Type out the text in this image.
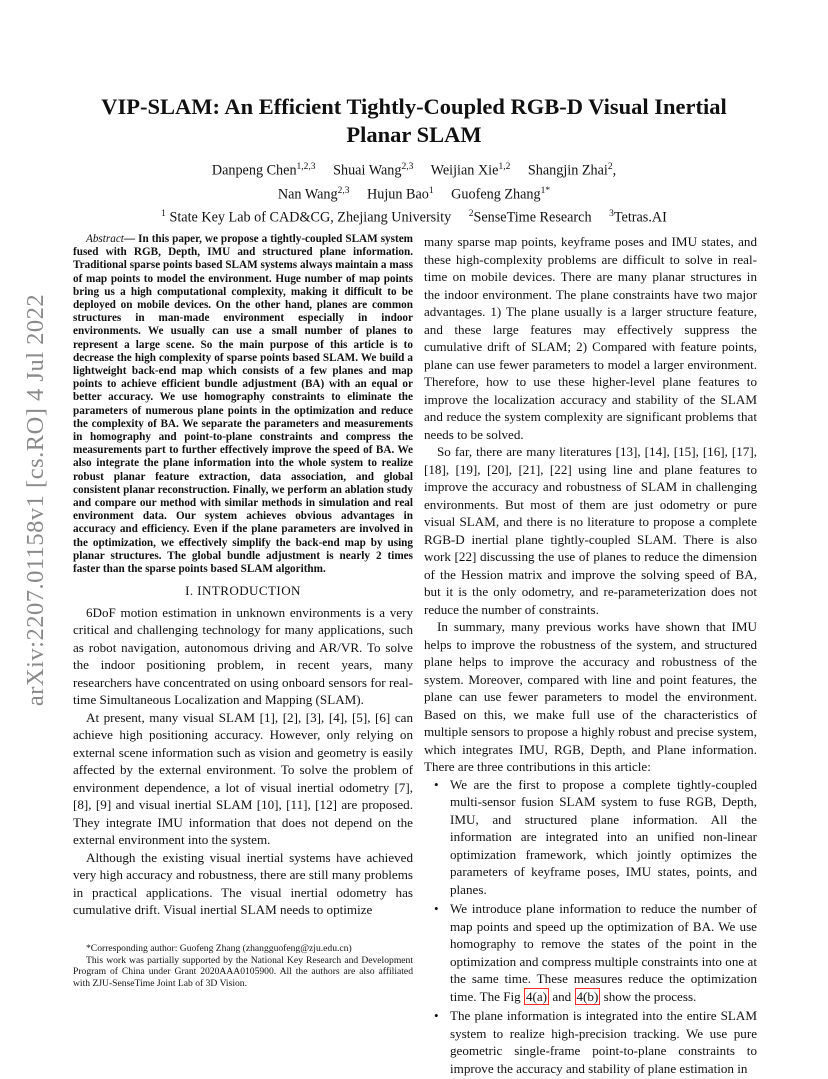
arXiv:2207.01158v1 [cs.RO] 4 Jul 2022
VIP-SLAM: An Efficient Tightly-Coupled RGB-D Visual Inertial
Planar SLAM
Danpeng Chen$^{1,2,3}$ Shuai Wang$^{2,3}$ Weijian Xie$^{1,2}$ Shangjin Zhai$^2$,
Nan Wang$^{2,3}$ Hujun Bao$^1$ Guofeng Zhang$^{1*}$
$^1$ State Key Lab of CAD&CG, Zhejiang University $^2$SenseTime Research $^3$Tetras.AI

Abstract— In this paper, we propose a tightly-coupled SLAM system fused with RGB, Depth, IMU and structured plane information. Traditional sparse points based SLAM systems always maintain a mass of map points to model the environment. Huge number of map points bring us a high computational complexity, making it difficult to be deployed on mobile devices. On the other hand, planes are common structures in man-made environment especially in indoor environments. We usually can use a small number of planes to represent a large scene. So the main purpose of this article is to decrease the high complexity of sparse points based SLAM. We build a lightweight back-end map which consists of a few planes and map points to achieve efficient bundle adjustment (BA) with an equal or better accuracy. We use homography constraints to eliminate the parameters of numerous plane points in the optimization and reduce the complexity of BA. We separate the parameters and measurements in homography and point-to-plane constraints and compress the measurements part to further effectively improve the speed of BA. We also integrate the plane information into the whole system to realize robust planar feature extraction, data association, and global consistent planar reconstruction. Finally, we perform an ablation study and compare our method with similar methods in simulation and real environment data. Our system achieves obvious advantages in accuracy and efficiency. Even if the plane parameters are involved in the optimization, we effectively simplify the back-end map by using planar structures. The global bundle adjustment is nearly 2 times faster than the sparse points based SLAM algorithm.

I. INTRODUCTION

6DoF motion estimation in unknown environments is a very critical and challenging technology for many applications, such as robot navigation, autonomous driving and AR/VR. To solve the indoor positioning problem, in recent years, many researchers have concentrated on using onboard sensors for real-time Simultaneous Localization and Mapping (SLAM).

At present, many visual SLAM [1], [2], [3], [4], [5], [6] can achieve high positioning accuracy. However, only relying on external scene information such as vision and geometry is easily affected by the external environment. To solve the problem of environment dependence, a lot of visual inertial odometry [7], [8], [9] and visual inertial SLAM [10], [11], [12] are proposed. They integrate IMU information that does not depend on the external environment into the system.

Although the existing visual inertial systems have achieved very high accuracy and robustness, there are still many problems in practical applications. The visual inertial odometry has cumulative drift. Visual inertial SLAM needs to optimize

many sparse map points, keyframe poses and IMU states, and these high-complexity problems are difficult to solve in real-time on mobile devices. There are many planar structures in the indoor environment. The plane constraints have two major advantages. 1) The plane usually is a larger structure feature, and these large features may effectively suppress the cumulative drift of SLAM; 2) Compared with feature points, plane can use fewer parameters to model a larger environment. Therefore, how to use these higher-level plane features to improve the localization accuracy and stability of the SLAM and reduce the system complexity are significant problems that needs to be solved.

So far, there are many literatures [13], [14], [15], [16], [17], [18], [19], [20], [21], [22] using line and plane features to improve the accuracy and robustness of SLAM in challenging environments. But most of them are just odometry or pure visual SLAM, and there is no literature to propose a complete RGB-D inertial plane tightly-coupled SLAM. There is also work [22] discussing the use of planes to reduce the dimension of the Hession matrix and improve the solving speed of BA, but it is the only odometry, and re-parameterization does not reduce the number of constraints.

In summary, many previous works have shown that IMU helps to improve the robustness of the system, and structured plane helps to improve the accuracy and robustness of the system. Moreover, compared with line and point features, the plane can use fewer parameters to model the environment. Based on this, we make full use of the characteristics of multiple sensors to propose a highly robust and precise system, which integrates IMU, RGB, Depth, and Plane information. There are three contributions in this article:

• We are the first to propose a complete tightly-coupled multi-sensor fusion SLAM system to fuse RGB, Depth, IMU, and structured plane information. All the information are integrated into an unified non-linear optimization framework, which jointly optimizes the parameters of keyframe poses, IMU states, points, and planes.
• We introduce plane information to reduce the number of map points and speed up the optimization of BA. We use homography to remove the states of the point in the optimization and compress multiple constraints into one at the same time. These measures reduce the optimization time. The Fig 4(a) and 4(b) show the process.
• The plane information is integrated into the entire SLAM system to realize high-precision tracking. We use pure geometric single-frame point-to-plane constraints to improve the accuracy and stability of plane estimation in

*Corresponding author: Guofeng Zhang (zhangguofeng@zju.edu.cn)

This work was partially supported by the National Key Research and Development Program of China under Grant 2020AAA0105900. All the authors are also affiliated with ZJU-SenseTime Joint Lab of 3D Vision.
